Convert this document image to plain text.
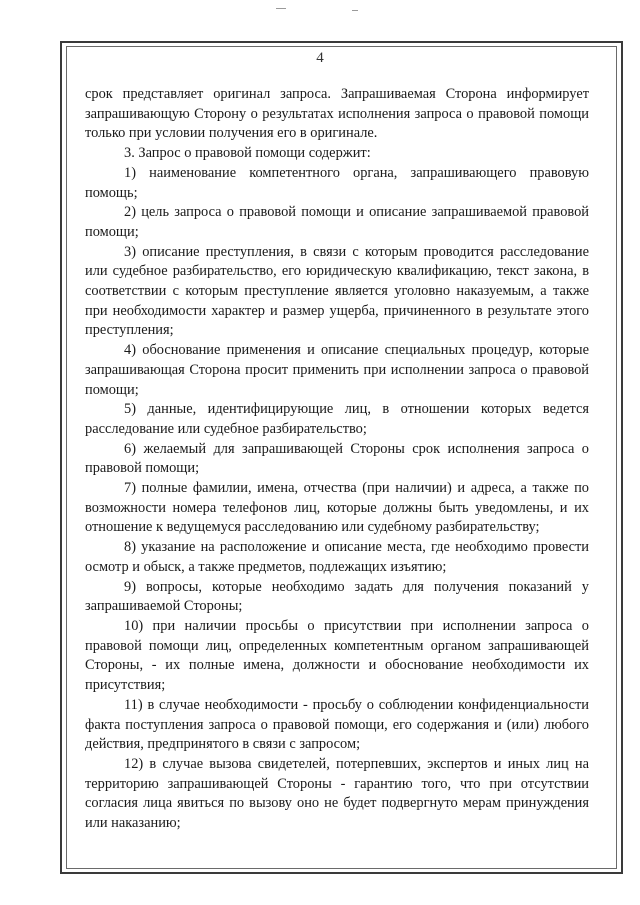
4

срок представляет оригинал запроса. Запрашиваемая Сторона информирует запрашивающую Сторону о результатах исполнения запроса о правовой помощи только при условии получения его в оригинале.

3. Запрос о правовой помощи содержит:

1) наименование компетентного органа, запрашивающего правовую помощь;

2) цель запроса о правовой помощи и описание запрашиваемой правовой помощи;

3) описание преступления, в связи с которым проводится расследование или судебное разбирательство, его юридическую квалификацию, текст закона, в соответствии с которым преступление является уголовно наказуемым, а также при необходимости характер и размер ущерба, причиненного в результате этого преступления;

4) обоснование применения и описание специальных процедур, которые запрашивающая Сторона просит применить при исполнении запроса о правовой помощи;

5) данные, идентифицирующие лиц, в отношении которых ведется расследование или судебное разбирательство;

6) желаемый для запрашивающей Стороны срок исполнения запроса о правовой помощи;

7) полные фамилии, имена, отчества (при наличии) и адреса, а также по возможности номера телефонов лиц, которые должны быть уведомлены, и их отношение к ведущемуся расследованию или судебному разбирательству;

8) указание на расположение и описание места, где необходимо провести осмотр и обыск, а также предметов, подлежащих изъятию;

9) вопросы, которые необходимо задать для получения показаний у запрашиваемой Стороны;

10) при наличии просьбы о присутствии при исполнении запроса о правовой помощи лиц, определенных компетентным органом запрашивающей Стороны, - их полные имена, должности и обоснование необходимости их присутствия;

11) в случае необходимости - просьбу о соблюдении конфиденциальности факта поступления запроса о правовой помощи, его содержания и (или) любого действия, предпринятого в связи с запросом;

12) в случае вызова свидетелей, потерпевших, экспертов и иных лиц на территорию запрашивающей Стороны - гарантию того, что при отсутствии согласия лица явиться по вызову оно не будет подвергнуто мерам принуждения или наказанию;
